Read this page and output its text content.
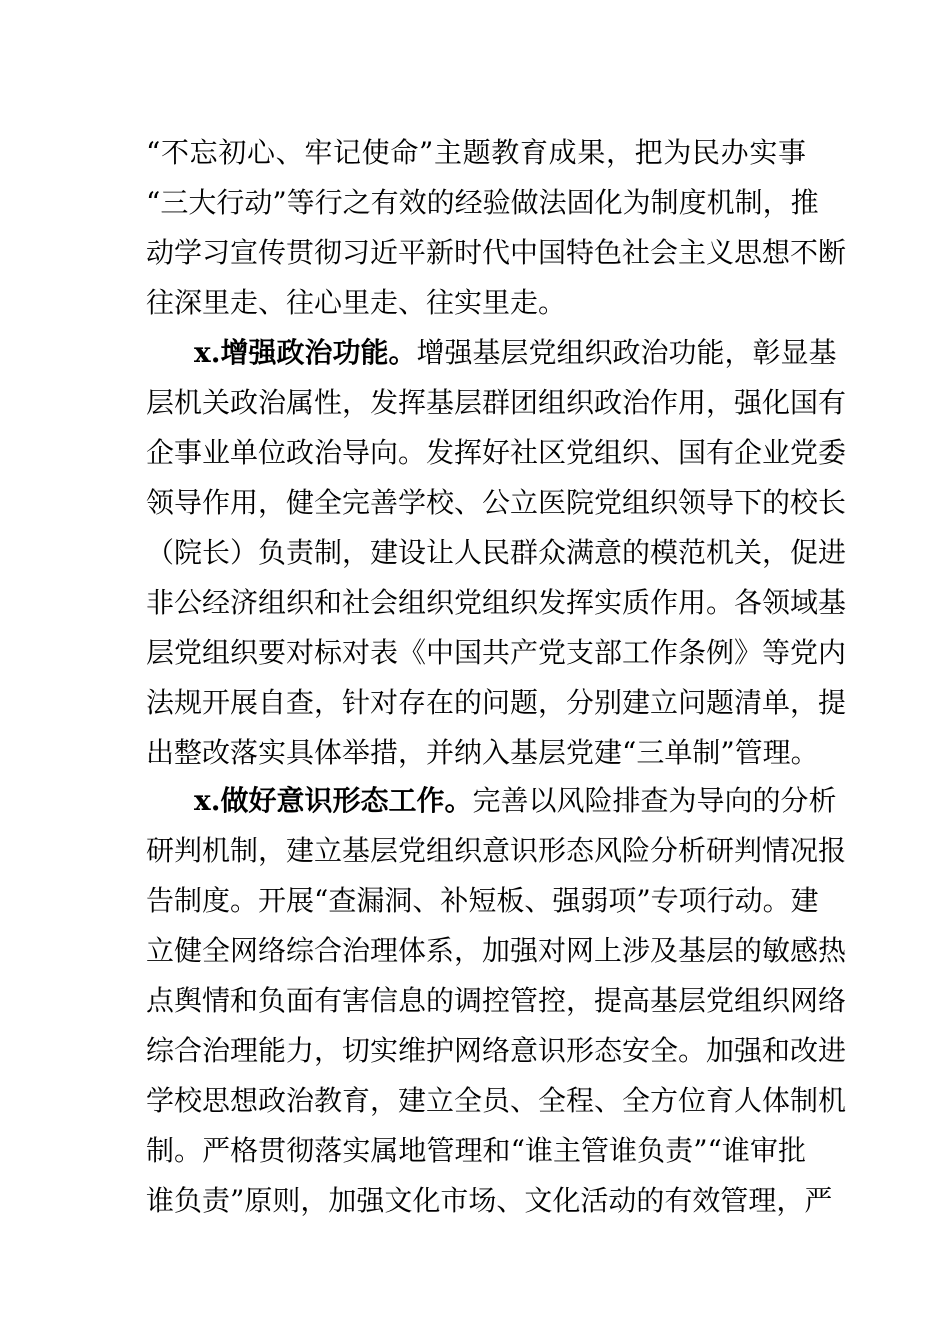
“不忘初心、牢记使命”主题教育成果，把为民办实事
“三大行动”等行之有效的经验做法固化为制度机制，推
动学习宣传贯彻习近平新时代中国特色社会主义思想不断
往深里走、往心里走、往实里走。
x.增强政治功能。增强基层党组织政治功能，彰显基
层机关政治属性，发挥基层群团组织政治作用，强化国有
企事业单位政治导向。发挥好社区党组织、国有企业党委
领导作用，健全完善学校、公立医院党组织领导下的校长
（院长）负责制，建设让人民群众满意的模范机关，促进
非公经济组织和社会组织党组织发挥实质作用。各领域基
层党组织要对标对表《中国共产党支部工作条例》等党内
法规开展自查，针对存在的问题，分别建立问题清单，提
出整改落实具体举措，并纳入基层党建“三单制”管理。
x.做好意识形态工作。完善以风险排查为导向的分析
研判机制，建立基层党组织意识形态风险分析研判情况报
告制度。开展“查漏洞、补短板、强弱项”专项行动。建
立健全网络综合治理体系，加强对网上涉及基层的敏感热
点舆情和负面有害信息的调控管控，提高基层党组织网络
综合治理能力，切实维护网络意识形态安全。加强和改进
学校思想政治教育，建立全员、全程、全方位育人体制机
制。严格贯彻落实属地管理和“谁主管谁负责”“谁审批
谁负责”原则，加强文化市场、文化活动的有效管理，严
